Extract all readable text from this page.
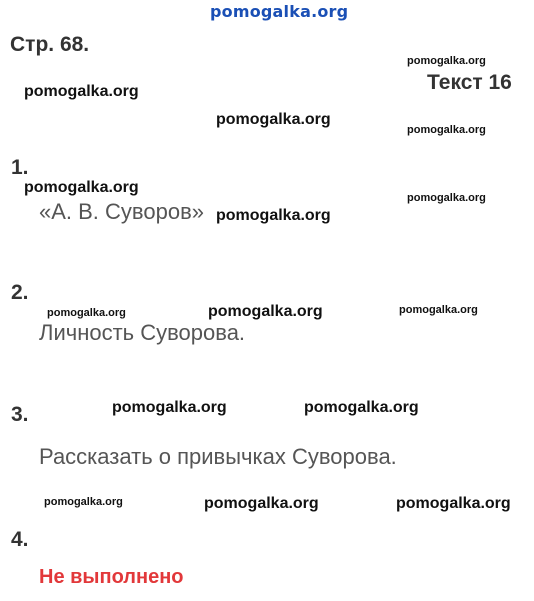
pomogalka.org
Стр. 68.
Текст 16
1.
«А. В. Суворов»
2.
Личность Суворова.
3.
Рассказать о привычках Суворова.
4.
Не выполнено
pomogalka.org
pomogalka.org
pomogalka.org
pomogalka.org
pomogalka.org
pomogalka.org
pomogalka.org
pomogalka.org	pomogalka.org	pomogalka.org
pomogalka.org	pomogalka.org
pomogalka.org	pomogalka.org	pomogalka.org
